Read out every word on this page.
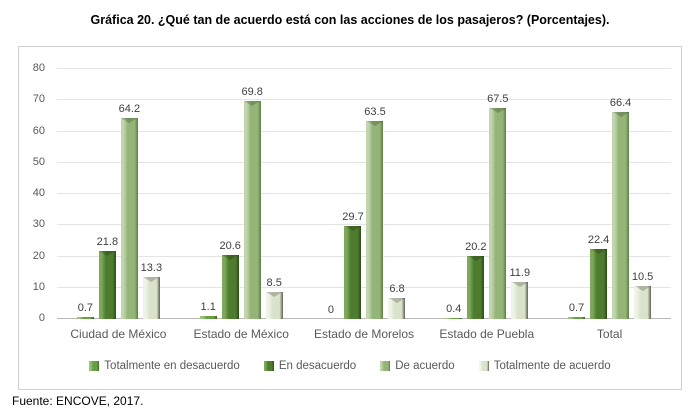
Gráfica 20. ¿Qué tan de acuerdo está con las acciones de los pasajeros? (Porcentajes).
0
10
20
30
40
50
60
70
80
0.7
21.8
64.2
13.3
1.1
20.6
69.8
8.5
0
29.7
63.5
6.8
0.4
20.2
67.5
11.9
0.7
22.4
66.4
10.5
Ciudad de México	Estado de México	Estado de Morelos	Estado de Puebla	Total
Totalmente en desacuerdo	En desacuerdo	De acuerdo	Totalmente de acuerdo
Fuente: ENCOVE, 2017.
